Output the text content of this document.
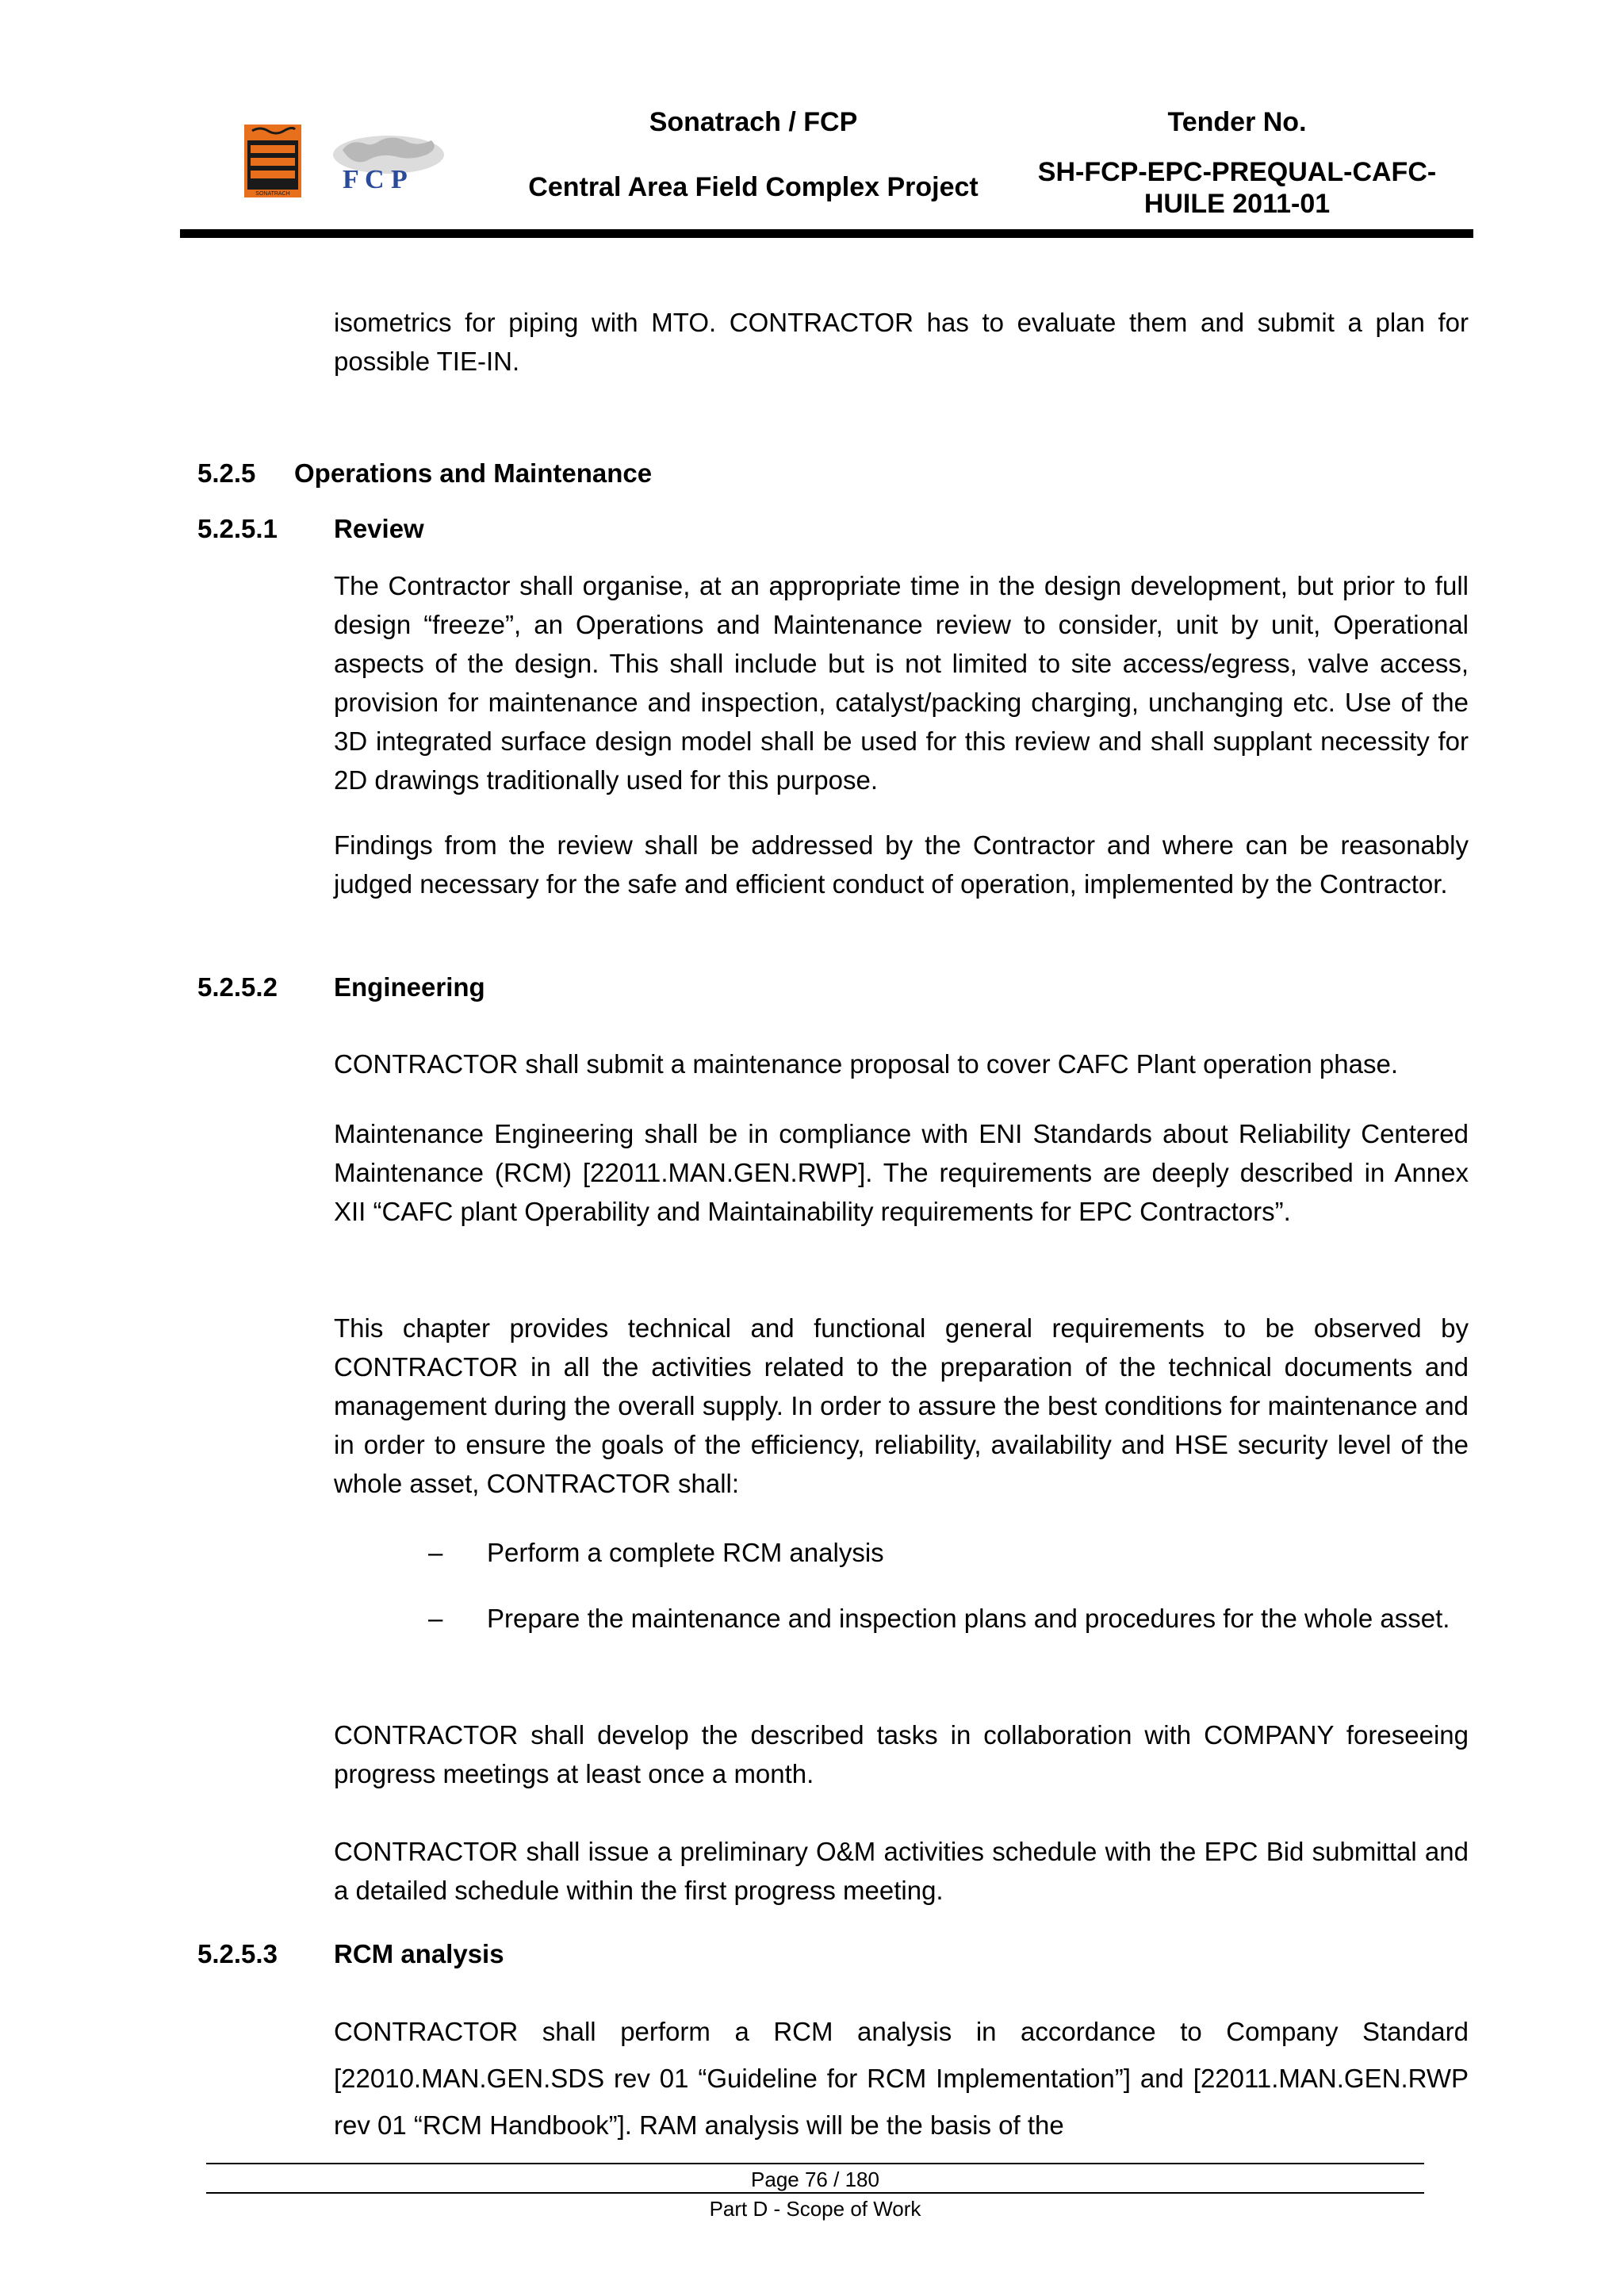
SONATRACH F C P
Sonatrach / FCP
Central Area Field Complex Project
Tender No.
SH-FCP-EPC-PREQUAL-CAFC-HUILE 2011-01
isometrics for piping with MTO. CONTRACTOR has to evaluate them and submit a plan for possible TIE-IN.
5.2.5 Operations and Maintenance
5.2.5.1 Review
The Contractor shall organise, at an appropriate time in the design development, but prior to full design “freeze”, an Operations and Maintenance review to consider, unit by unit, Operational aspects of the design. This shall include but is not limited to site access/egress, valve access, provision for maintenance and inspection, catalyst/packing charging, unchanging etc. Use of the 3D integrated surface design model shall be used for this review and shall supplant necessity for 2D drawings traditionally used for this purpose.
Findings from the review shall be addressed by the Contractor and where can be reasonably judged necessary for the safe and efficient conduct of operation, implemented by the Contractor.
5.2.5.2 Engineering
CONTRACTOR shall submit a maintenance proposal to cover CAFC Plant operation phase.
Maintenance Engineering shall be in compliance with ENI Standards about Reliability Centered Maintenance (RCM) [22011.MAN.GEN.RWP]. The requirements are deeply described in Annex XII “CAFC plant Operability and Maintainability requirements for EPC Contractors”.
This chapter provides technical and functional general requirements to be observed by CONTRACTOR in all the activities related to the preparation of the technical documents and management during the overall supply. In order to assure the best conditions for maintenance and in order to ensure the goals of the efficiency, reliability, availability and HSE security level of the whole asset, CONTRACTOR shall:
– Perform a complete RCM analysis
– Prepare the maintenance and inspection plans and procedures for the whole asset.
CONTRACTOR shall develop the described tasks in collaboration with COMPANY foreseeing progress meetings at least once a month.
CONTRACTOR shall issue a preliminary O&M activities schedule with the EPC Bid submittal and a detailed schedule within the first progress meeting.
5.2.5.3 RCM analysis
CONTRACTOR shall perform a RCM analysis in accordance to Company Standard [22010.MAN.GEN.SDS rev 01 “Guideline for RCM Implementation”] and [22011.MAN.GEN.RWP rev 01 “RCM Handbook”]. RAM analysis will be the basis of the
Page 76 / 180
Part D - Scope of Work
